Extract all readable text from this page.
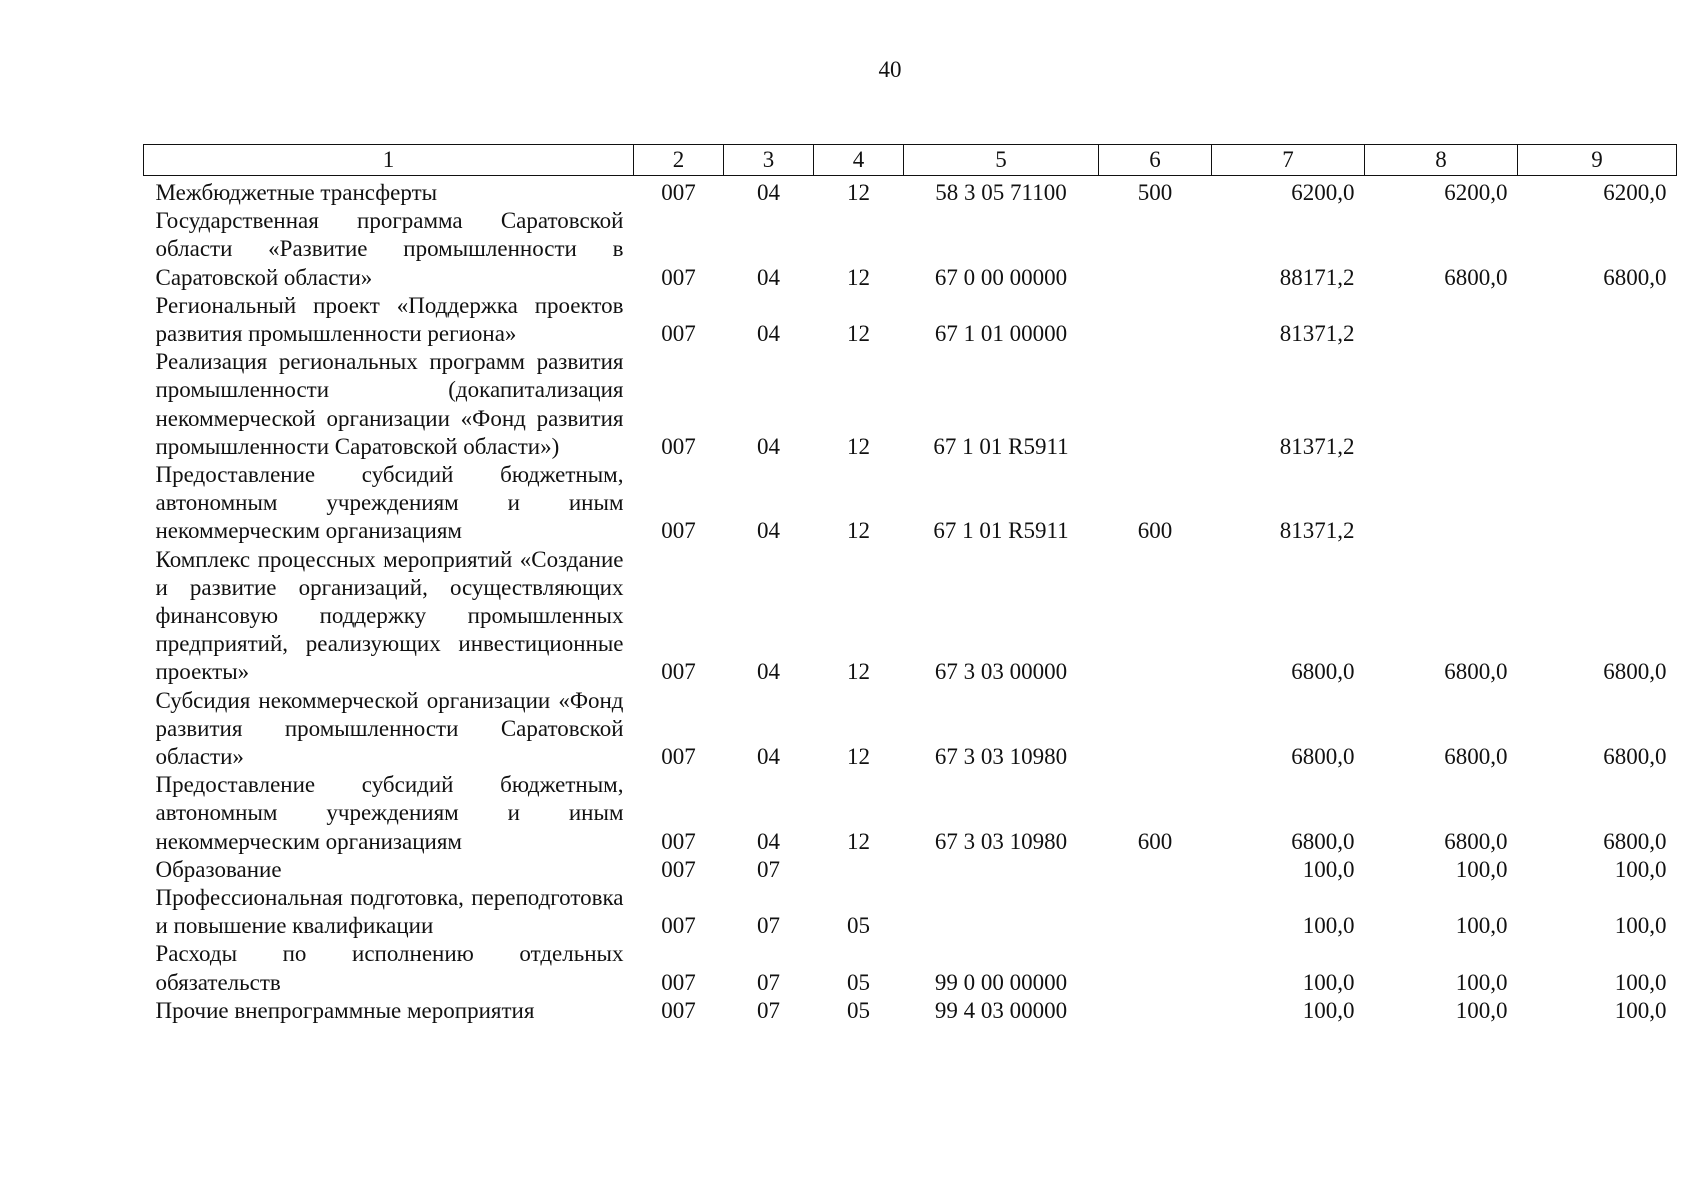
40
1	2	3	4	5	6	7	8	9
Межбюджетные трансферты	007	04	12	58 3 05 71100	500	6200,0	6200,0	6200,0
Государственная программа Саратовской области «Развитие промышленности в Саратовской области»	007	04	12	67 0 00 00000		88171,2	6800,0	6800,0
Региональный проект «Поддержка проектов развития промышленности региона»	007	04	12	67 1 01 00000		81371,2		
Реализация региональных программ развития промышленности (докапитализация некоммерческой организации «Фонд развития промышленности Саратовской области»)	007	04	12	67 1 01 R5911		81371,2		
Предоставление субсидий бюджетным, автономным учреждениям и иным некоммерческим организациям	007	04	12	67 1 01 R5911	600	81371,2		
Комплекс процессных мероприятий «Создание и развитие организаций, осуществляющих финансовую поддержку промышленных предприятий, реализующих инвестиционные проекты»	007	04	12	67 3 03 00000		6800,0	6800,0	6800,0
Субсидия некоммерческой организации «Фонд развития промышленности Саратовской области»	007	04	12	67 3 03 10980		6800,0	6800,0	6800,0
Предоставление субсидий бюджетным, автономным учреждениям и иным некоммерческим организациям	007	04	12	67 3 03 10980	600	6800,0	6800,0	6800,0
Образование	007	07				100,0	100,0	100,0
Профессиональная подготовка, переподготовка и повышение квалификации	007	07	05			100,0	100,0	100,0
Расходы по исполнению отдельных обязательств	007	07	05	99 0 00 00000		100,0	100,0	100,0
Прочие внепрограммные мероприятия	007	07	05	99 4 03 00000		100,0	100,0	100,0
